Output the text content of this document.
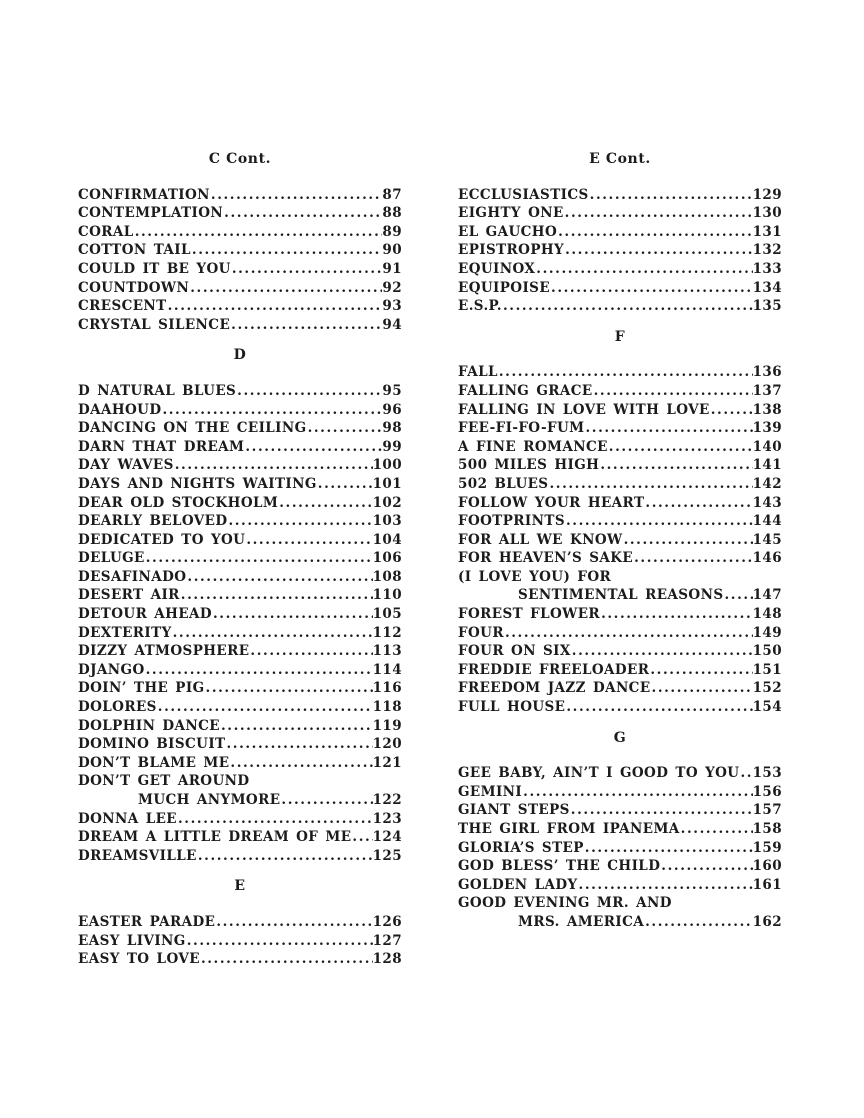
C Cont.
CONFIRMATION .....	87
CONTEMPLATION .....	88
CORAL .....	89
COTTON TAIL .....	90
COULD IT BE YOU .....	91
COUNTDOWN .....	92
CRESCENT .....	93
CRYSTAL SILENCE .....	94
D
D NATURAL BLUES .....	95
DAAHOUD .....	96
DANCING ON THE CEILING .....	98
DARN THAT DREAM .....	99
DAY WAVES .....	100
DAYS AND NIGHTS WAITING .....	101
DEAR OLD STOCKHOLM .....	102
DEARLY BELOVED .....	103
DEDICATED TO YOU .....	104
DELUGE .....	106
DESAFINADO .....	108
DESERT AIR .....	110
DETOUR AHEAD .....	105
DEXTERITY .....	112
DIZZY ATMOSPHERE .....	113
DJANGO .....	114
DOIN’ THE PIG .....	116
DOLORES .....	118
DOLPHIN DANCE .....	119
DOMINO BISCUIT .....	120
DON’T BLAME ME .....	121
DON’T GET AROUND
MUCH ANYMORE .....	122
DONNA LEE .....	123
DREAM A LITTLE DREAM OF ME ..... 124
DREAMSVILLE .....	125
E
EASTER PARADE .....	126
EASY LIVING .....	127
EASY TO LOVE .....	128
E Cont.
ECCLUSIASTICS .....	129
EIGHTY ONE .....	130
EL GAUCHO .....	131
EPISTROPHY .....	132
EQUINOX .....	133
EQUIPOISE .....	134
E.S.P. .....	135
F
FALL .....	136
FALLING GRACE .....	137
FALLING IN LOVE WITH LOVE .....	138
FEE-FI-FO-FUM .....	139
A FINE ROMANCE .....	140
500 MILES HIGH .....	141
502 BLUES .....	142
FOLLOW YOUR HEART .....	143
FOOTPRINTS .....	144
FOR ALL WE KNOW .....	145
FOR HEAVEN’S SAKE .....	146
(I LOVE YOU) FOR
SENTIMENTAL REASONS ..... 147
FOREST FLOWER .....	148
FOUR .....	149
FOUR ON SIX .....	150
FREDDIE FREELOADER .....	151
FREEDOM JAZZ DANCE .....	152
FULL HOUSE .....	154
G
GEE BABY, AIN’T I GOOD TO YOU ..... 153
GEMINI .....	156
GIANT STEPS .....	157
THE GIRL FROM IPANEMA .....	158
GLORIA’S STEP .....	159
GOD BLESS’ THE CHILD .....	160
GOLDEN LADY .....	161
GOOD EVENING MR. AND
MRS. AMERICA .....	162
